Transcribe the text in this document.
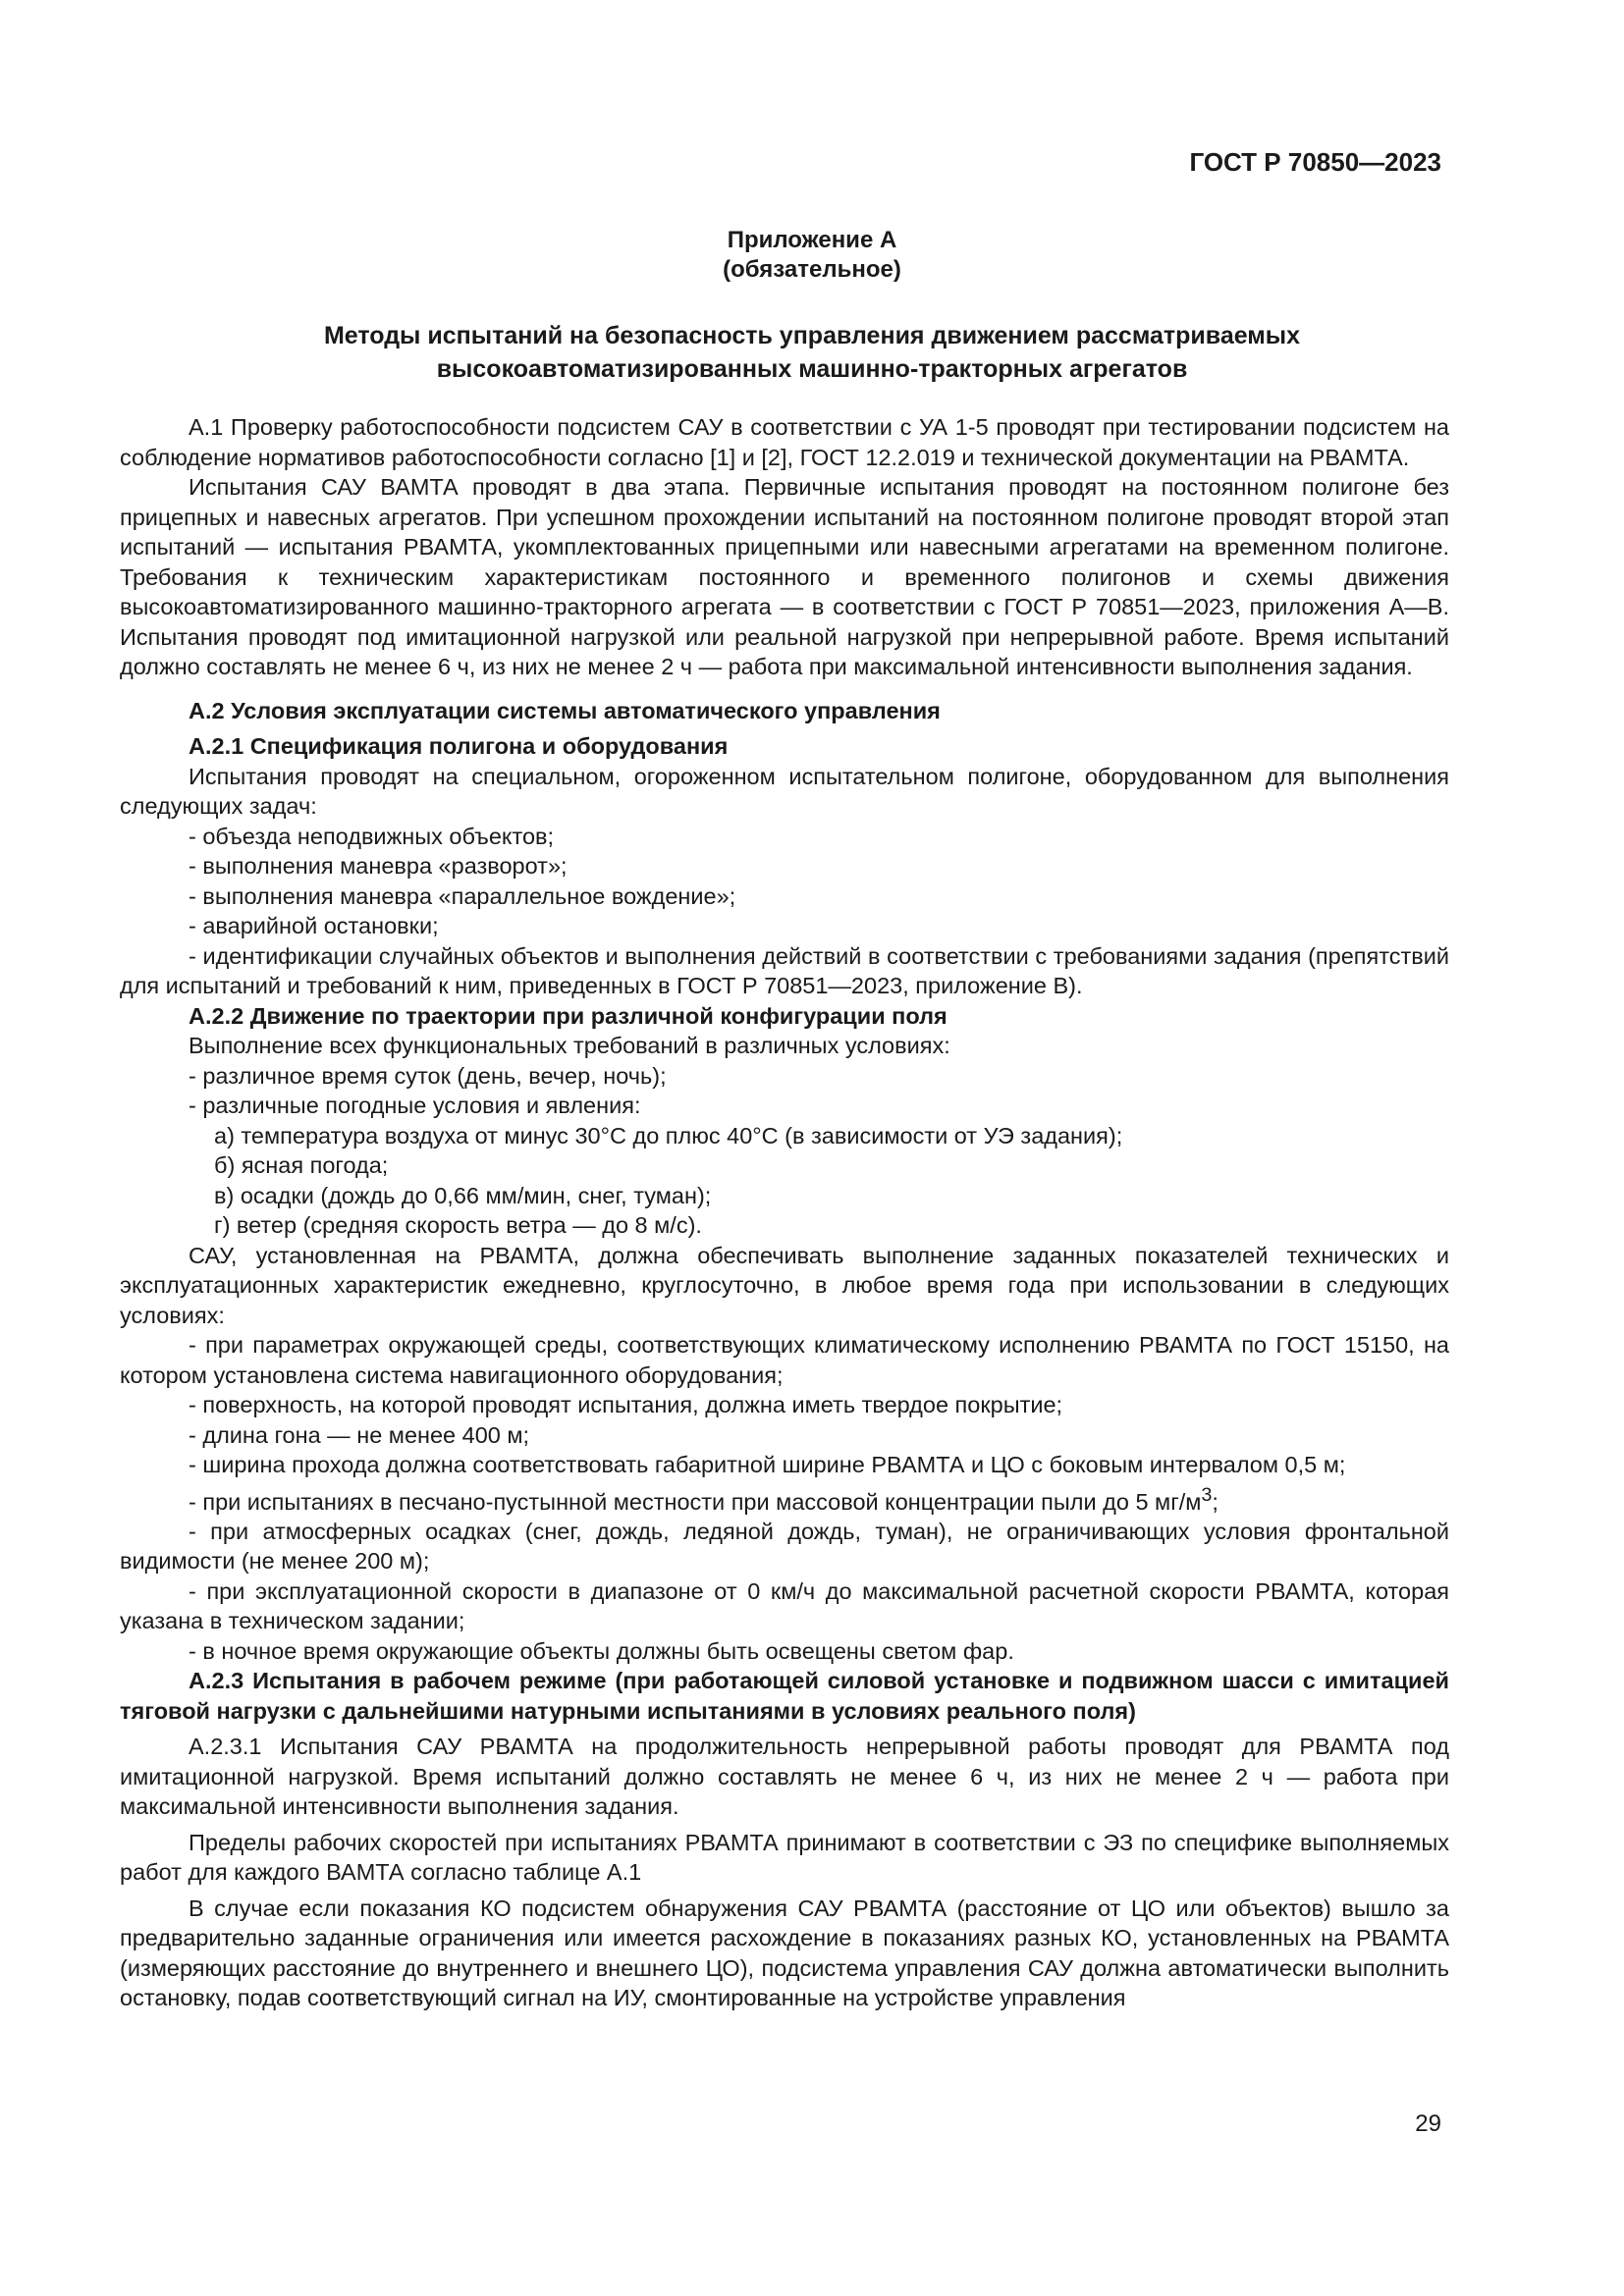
ГОСТ Р 70850—2023
Приложение А
(обязательное)
Методы испытаний на безопасность управления движением рассматриваемых
высокоавтоматизированных машинно-тракторных агрегатов

А.1 Проверку работоспособности подсистем САУ в соответствии с УА 1-5 проводят при тестировании подсистем на соблюдение нормативов работоспособности согласно [1] и [2], ГОСТ 12.2.019 и технической документации на РВАМТА.

Испытания САУ ВАМТА проводят в два этапа. Первичные испытания проводят на постоянном полигоне без прицепных и навесных агрегатов. При успешном прохождении испытаний на постоянном полигоне проводят второй этап испытаний — испытания РВАМТА, укомплектованных прицепными или навесными агрегатами на временном полигоне. Требования к техническим характеристикам постоянного и временного полигонов и схемы движения высокоавтоматизированного машинно-тракторного агрегата — в соответствии с ГОСТ Р 70851—2023, приложения А—В. Испытания проводят под имитационной нагрузкой или реальной нагрузкой при непрерывной работе. Время испытаний должно составлять не менее 6 ч, из них не менее 2 ч — работа при максимальной интенсивности выполнения задания.

А.2 Условия эксплуатации системы автоматического управления

А.2.1 Спецификация полигона и оборудования

Испытания проводят на специальном, огороженном испытательном полигоне, оборудованном для выполнения следующих задач:

- объезда неподвижных объектов;

- выполнения маневра «разворот»;

- выполнения маневра «параллельное вождение»;

- аварийной остановки;

- идентификации случайных объектов и выполнения действий в соответствии с требованиями задания (препятствий для испытаний и требований к ним, приведенных в ГОСТ Р 70851—2023, приложение В).

А.2.2 Движение по траектории при различной конфигурации поля

Выполнение всех функциональных требований в различных условиях:

- различное время суток (день, вечер, ночь);

- различные погодные условия и явления:

а) температура воздуха от минус 30°С до плюс 40°С (в зависимости от УЭ задания);

б) ясная погода;

в) осадки (дождь до 0,66 мм/мин, снег, туман);

г) ветер (средняя скорость ветра — до 8 м/с).

САУ, установленная на РВАМТА, должна обеспечивать выполнение заданных показателей технических и эксплуатационных характеристик ежедневно, круглосуточно, в любое время года при использовании в следующих условиях:

- при параметрах окружающей среды, соответствующих климатическому исполнению РВАМТА по ГОСТ 15150, на котором установлена система навигационного оборудования;

- поверхность, на которой проводят испытания, должна иметь твердое покрытие;

- длина гона — не менее 400 м;

- ширина прохода должна соответствовать габаритной ширине РВАМТА и ЦО с боковым интервалом 0,5 м;

- при испытаниях в песчано-пустынной местности при массовой концентрации пыли до 5 $мг/м^3$;

- при атмосферных осадках (снег, дождь, ледяной дождь, туман), не ограничивающих условия фронтальной видимости (не менее 200 м);

- при эксплуатационной скорости в диапазоне от 0 км/ч до максимальной расчетной скорости РВАМТА, которая указана в техническом задании;

- в ночное время окружающие объекты должны быть освещены светом фар.

А.2.3 Испытания в рабочем режиме (при работающей силовой установке и подвижном шасси с имитацией тяговой нагрузки с дальнейшими натурными испытаниями в условиях реального поля)

А.2.3.1 Испытания САУ РВАМТА на продолжительность непрерывной работы проводят для РВАМТА под имитационной нагрузкой. Время испытаний должно составлять не менее 6 ч, из них не менее 2 ч — работа при максимальной интенсивности выполнения задания.

Пределы рабочих скоростей при испытаниях РВАМТА принимают в соответствии с ЭЗ по специфике выполняемых работ для каждого ВАМТА согласно таблице А.1

В случае если показания КО подсистем обнаружения САУ РВАМТА (расстояние от ЦО или объектов) вышло за предварительно заданные ограничения или имеется расхождение в показаниях разных КО, установленных на РВАМТА (измеряющих расстояние до внутреннего и внешнего ЦО), подсистема управления САУ должна автоматически выполнить остановку, подав соответствующий сигнал на ИУ, смонтированные на устройстве управления

29
